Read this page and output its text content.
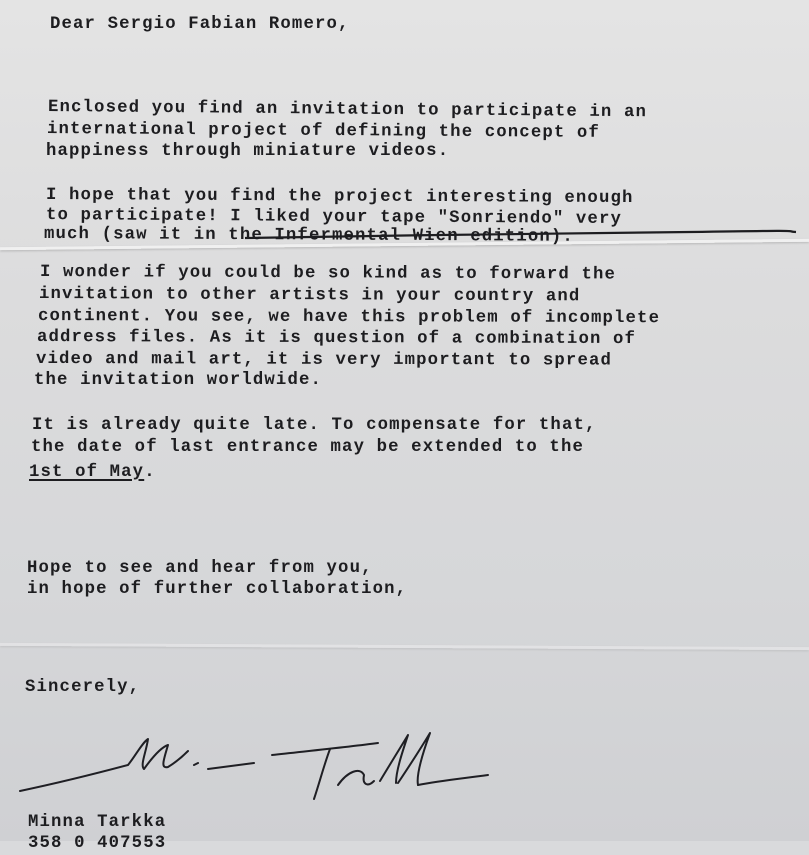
Dear Sergio Fabian Romero,
Enclosed you find an invitation to participate in an
international project of defining the concept of
happiness through miniature videos.
I hope that you find the project interesting enough
to participate! I liked your tape "Sonriendo" very
much (saw it in the Infermental Wien edition).
I wonder if you could be so kind as to forward the
invitation to other artists in your country and
continent. You see, we have this problem of incomplete
address files. As it is question of a combination of
video and mail art, it is very important to spread
the invitation worldwide.
It is already quite late. To compensate for that,
the date of last entrance may be extended to the
1st of May.
Hope to see and hear from you,
in hope of further collaboration,
Sincerely,
Minna Tarkka
358 0 407553
